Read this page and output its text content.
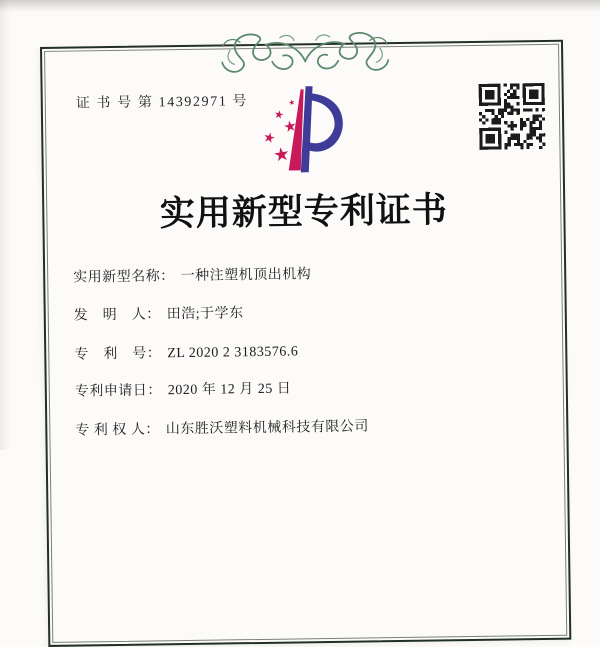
证 书 号 第 14392971 号
实用新型专利证书
实用新型名称： 一种注塑机顶出机构
发　明　人： 田浩;于学东
专　利　号： ZL 2020 2 3183576.6
专利申请日： 2020 年 12 月 25 日
专 利 权 人： 山东胜沃塑料机械科技有限公司
